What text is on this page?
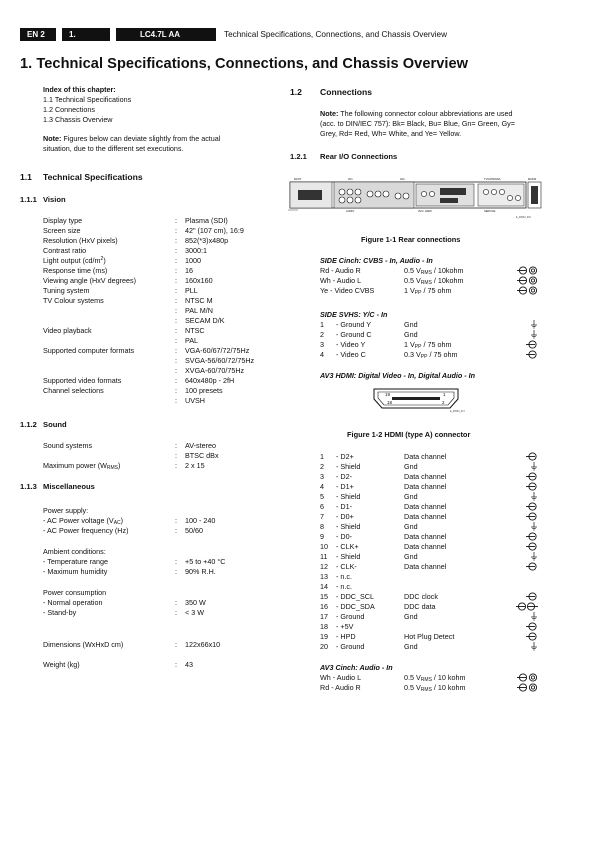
EN 2	1.	LC4.7L AA	Technical Specifications, Connections, and Chassis Overview
1. Technical Specifications, Connections, and Chassis Overview
Index of this chapter:
1.1 Technical Specifications
1.2 Connections
1.3 Chassis Overview
Note: Figures below can deviate slightly from the actual
situation, due to the different set executions.
1.1 Technical Specifications
1.1.1 Vision
Display type	: Plasma (SDI)
Screen size	: 42" (107 cm), 16:9
Resolution (HxV pixels)	: 852(*3)x480p
Contrast ratio	: 3000:1
Light output $(cd/m^2)$	: 1000
Response time (ms)	: 16
Viewing angle (HxV degrees)	: 160x160
Tuning system	: PLL
TV Colour systems	: NTSC M
: PAL M/N
: SECAM D/K
Video playback	: NTSC
: PAL
Supported computer formats	: VGA-60/67/72/75Hz
: SVGA-56/60/72/75Hz
: XVGA-60/70/75Hz
Supported video formats	: 640x480p - 2fH
Channel selections	: 100 presets
: UVSH
1.1.2 Sound
Sound systems	: AV-stereo
: BTSC dBx
Maximum power $(W_{RMS})$	: 2 x 15
1.1.3 Miscellaneous
Power supply:
- AC Power voltage $(V_{AC})$	: 100 - 240
- AC Power frequency (Hz)	: 50/60
Ambient conditions:
- Temperature range	: +5 to +40 °C
- Maximum humidity	: 90% R.H.
Power consumption
- Normal operation	: 350 W
- Stand-by	: < 3 W
Dimensions (WxHxD cm)	: 122x66x10
Weight (kg)	: 43
1.2 Connections
Note: The following connector colour abbreviations are used
(acc. to DIN/IEC 757): Bk= Black, Bu= Blue, Gn= Green, Gy=
Grey, Rd= Red, Wh= White, and Ye= Yellow.
1.2.1 Rear I/O Connections
ROUT	AV1	AV2	TV/ANTENNA	MAINS
AV3 / HDMI
AUDIO	SERVICE
E_06532_001
Figure 1-1 Rear connections
SIDE Cinch: CVBS - In, Audio - In
Rd - Audio R	0.5 $V_{RMS}$ / 10kohm
Wh - Audio L	0.5 $V_{RMS}$ / 10kohm
Ye - Video CVBS	1 $V_{PP} / 75$ ohm
SIDE SVHS: Y/C - In
1	- Ground Y	Gnd
2	- Ground C	Gnd
3	- Video Y	1 $V_{PP} / 75$ ohm
4	- Video C	0.3 $V_{PP} / 75$ ohm
AV3 HDMI: Digital Video - In, Digital Audio - In
19	1
18	2
E_06532_017
Figure 1-2 HDMI (type A) connector
1	- D2+	Data channel
2	- Shield	Gnd
3	- D2-	Data channel
4	- D1+	Data channel
5	- Shield	Gnd
6	- D1-	Data channel
7	- D0+	Data channel
8	- Shield	Gnd
9	- D0-	Data channel
10	- CLK+	Data channel
11	- Shield	Gnd
12	- CLK-	Data channel
13	- n.c.
14	- n.c.
15	- DDC_SCL	DDC clock
16	- DDC_SDA	DDC data
17	- Ground	Gnd
18	- +5V
19	- HPD	Hot Plug Detect
20	- Ground	Gnd
AV3 Cinch: Audio - In
Wh - Audio L	0.5 $V_{RMS} / 10$ kohm
Rd - Audio R	0.5 $V_{RMS} / 10$ kohm
